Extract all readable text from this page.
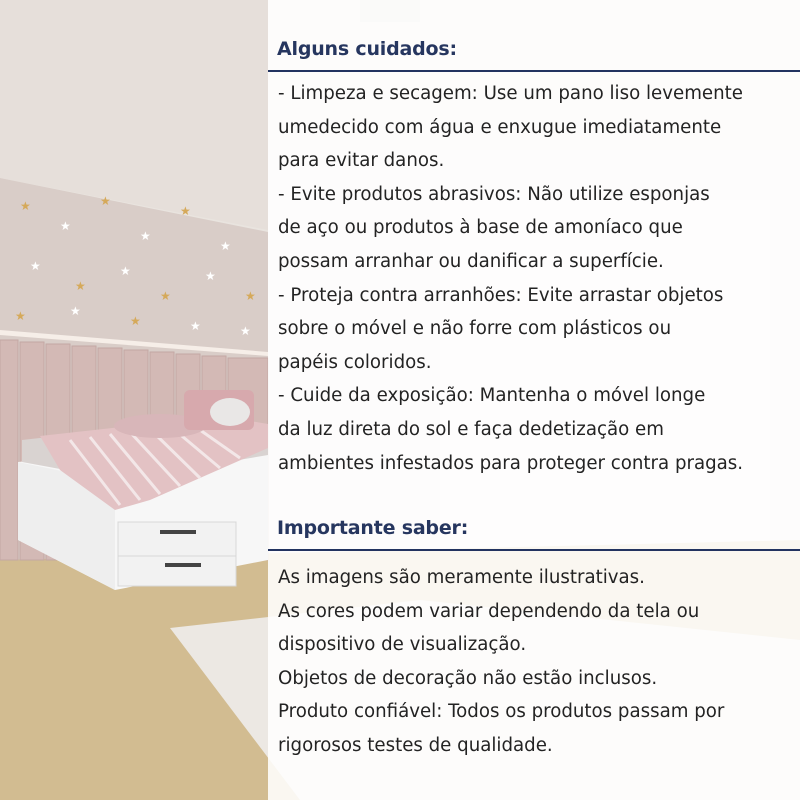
★
★
★
★
★
★
★
★
★
★
★
★
★	★
★	★	★
Alguns cuidados:
- Limpeza e secagem: Use um pano liso levemente
umedecido com água e enxugue imediatamente
para evitar danos.
- Evite produtos abrasivos: Não utilize esponjas
de aço ou produtos à base de amoníaco que
possam arranhar ou danificar a superfície.
- Proteja contra arranhões: Evite arrastar objetos
sobre o móvel e não forre com plásticos ou
papéis coloridos.
- Cuide da exposição: Mantenha o móvel longe
da luz direta do sol e faça dedetização em
ambientes infestados para proteger contra pragas.
Importante saber:
As imagens são meramente ilustrativas.
As cores podem variar dependendo da tela ou
dispositivo de visualização.
Objetos de decoração não estão inclusos.
Produto confiável: Todos os produtos passam por
rigorosos testes de qualidade.
